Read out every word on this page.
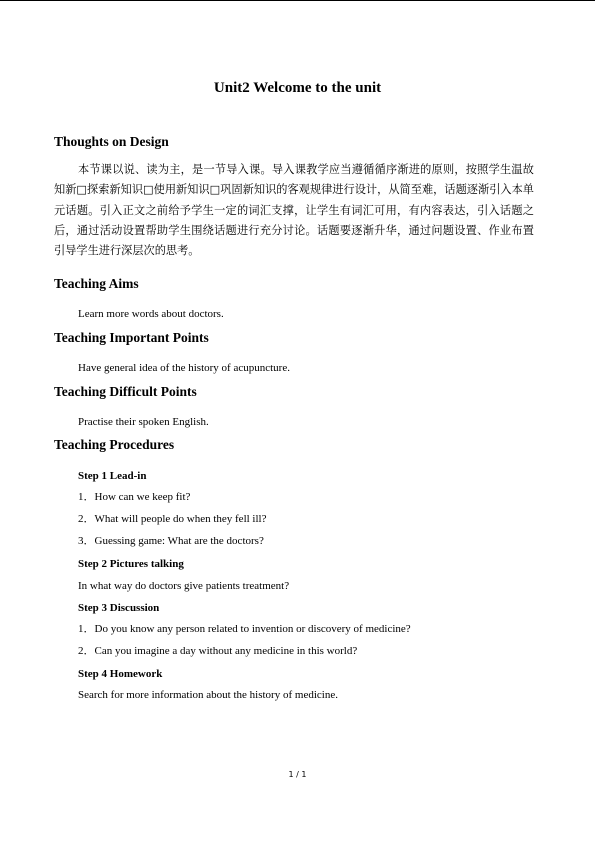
Unit2 Welcome to the unit
Thoughts on Design
本节课以说、读为主，是一节导入课。导入课教学应当遵循循序渐进的原则，按照学生温故知新□探索新知识□使用新知识□巩固新知识的客观规律进行设计，从简至难，话题逐渐引入本单元话题。引入正文之前给予学生一定的词汇支撑，让学生有词汇可用，有内容表达，引入话题之后，通过活动设置帮助学生围绕话题进行充分讨论。话题要逐渐升华，通过问题设置、作业布置引导学生进行深层次的思考。
Teaching Aims
Learn more words about doctors.
Teaching Important Points
Have general idea of the history of acupuncture.
Teaching Difficult Points
Practise their spoken English.
Teaching Procedures
Step 1 Lead-in
1．How can we keep fit?
2．What will people do when they fell ill?
3．Guessing game: What are the doctors?
Step 2 Pictures talking
In what way do doctors give patients treatment?
Step 3 Discussion
1．Do you know any person related to invention or discovery of medicine?
2．Can you imagine a day without any medicine in this world?
Step 4 Homework
Search for more information about the history of medicine.
1 / 1
